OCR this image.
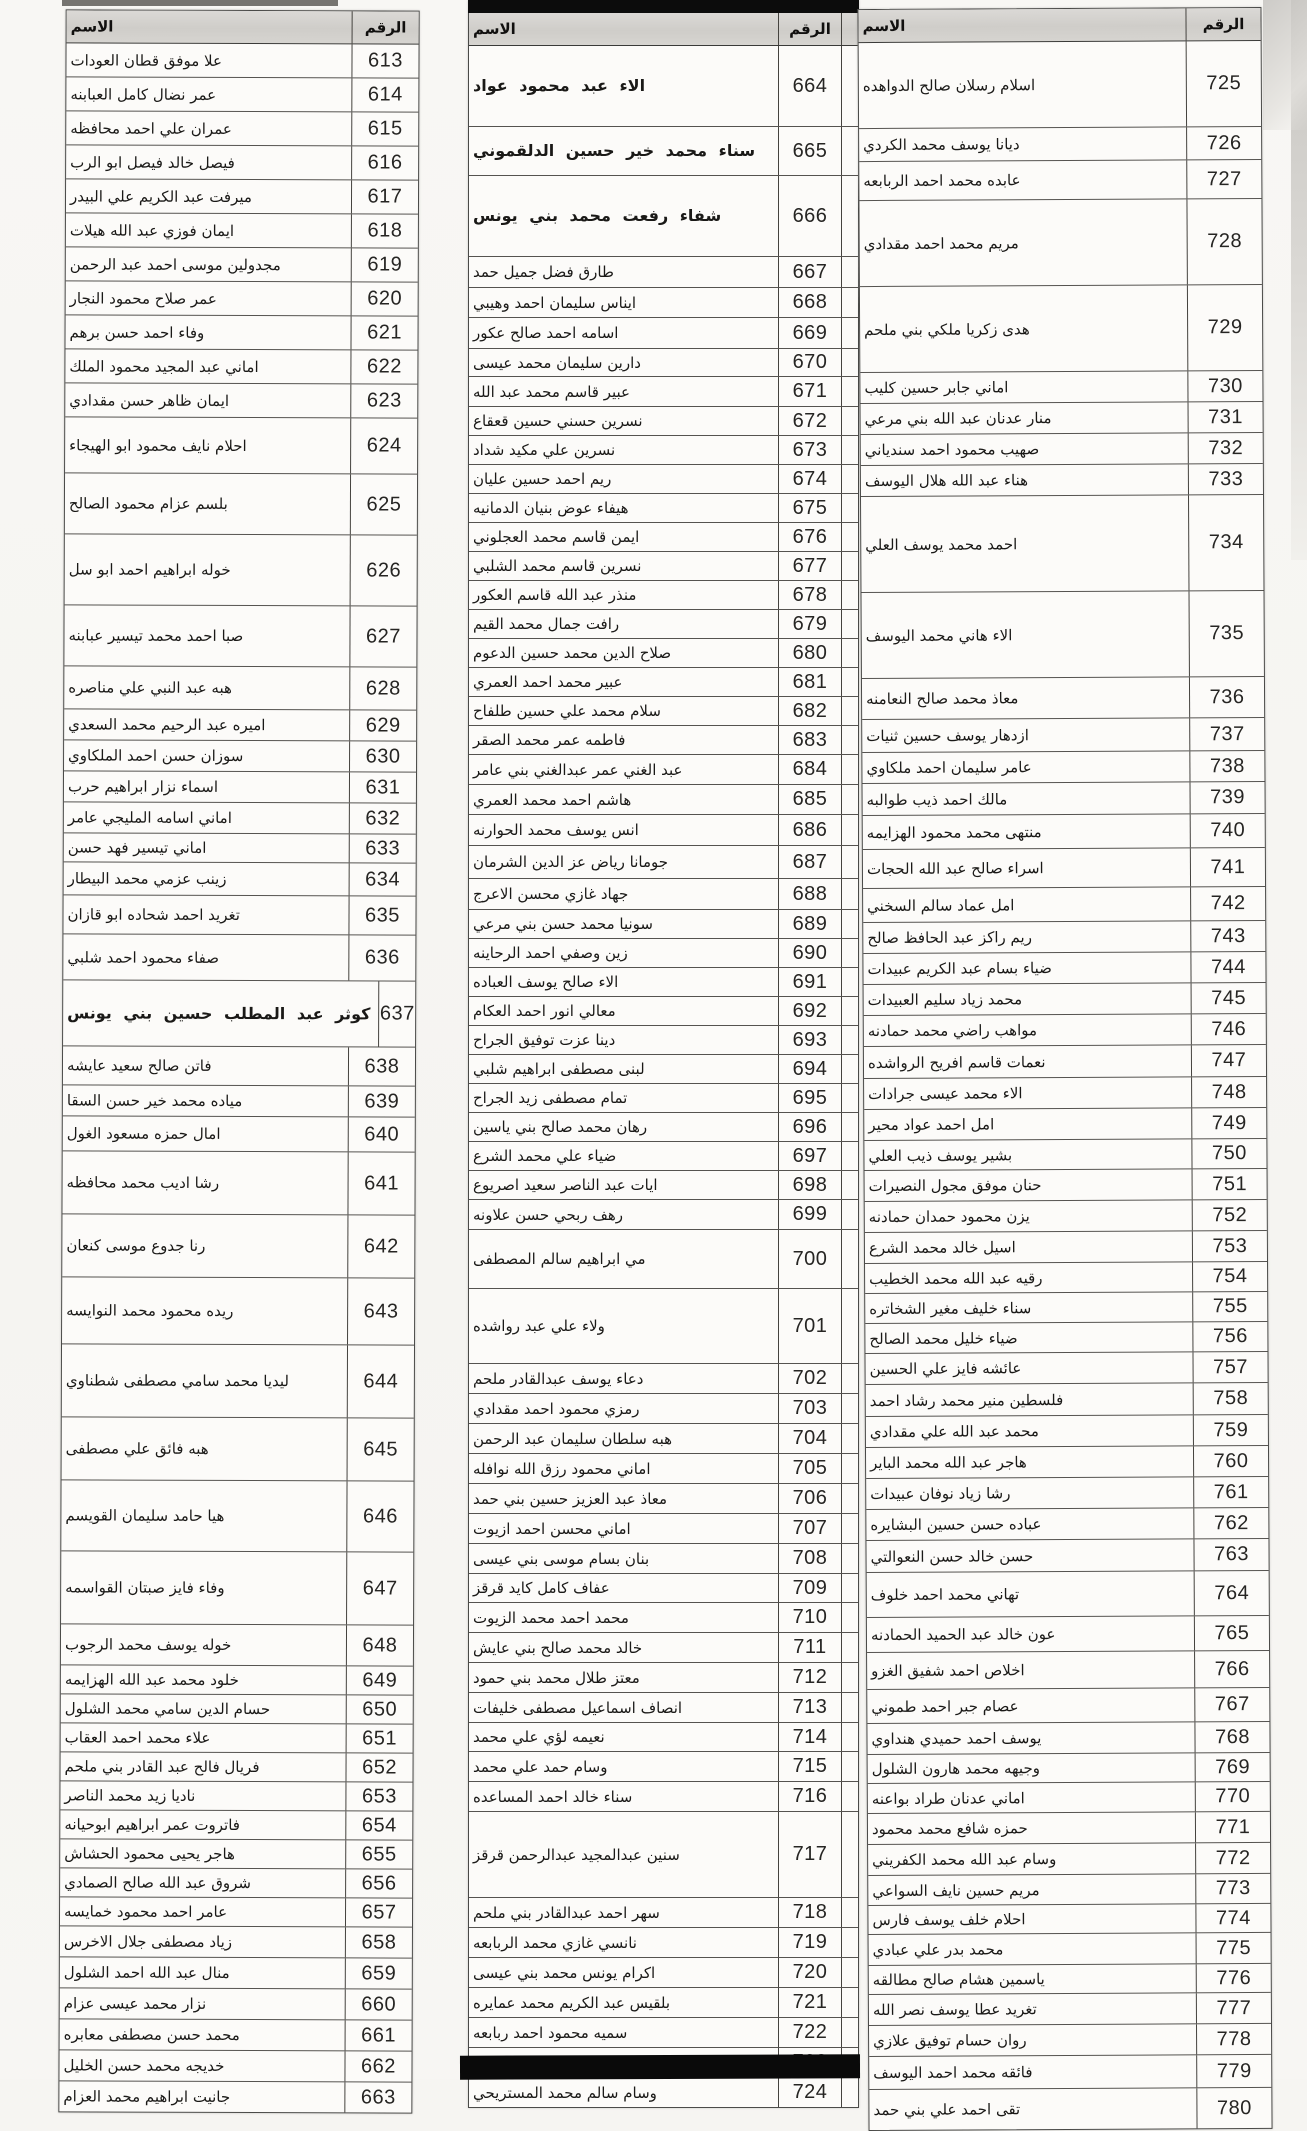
الاسم	الرقم
علا موفق قطان العودات	613
عمر نضال كامل العبابنه	614
عمران علي احمد محافظه	615
فيصل خالد فيصل ابو الرب	616
ميرفت عبد الكريم علي البيدر	617
ايمان فوزي عبد الله هيلات	618
مجدولين موسى احمد عبد الرحمن	619
عمر صلاح محمود النجار	620
وفاء احمد حسن برهم	621
اماني عبد المجيد محمود الملك	622
ايمان ظاهر حسن مقدادي	623
احلام نايف محمود ابو الهيجاء	624
بلسم عزام محمود الصالح	625
خوله ابراهيم احمد ابو سل	626
صبا احمد محمد تيسير عبابنه	627
هبه عبد النبي علي مناصره	628
اميره عبد الرحيم محمد السعدي	629
سوزان حسن احمد الملكاوي	630
اسماء نزار ابراهيم حرب	631
اماني اسامه المليجي عامر	632
اماني تيسير فهد حسن	633
زينب عزمي محمد البيطار	634
تغريد احمد شحاده ابو قازان	635
صفاء محمود احمد شلبي	636
كوثر عبد المطلب حسين بني يونس 637
فاتن صالح سعيد عايشه	638
مياده محمد خير حسن السقا	639
امال حمزه مسعود الغول	640
رشا اديب محمد محافظه	641
رنا جدوع موسى كنعان	642
ريده محمود محمد النوايسه	643
ليديا محمد سامي مصطفى شطناوي	644
هبه فائق علي مصطفى	645
هيا حامد سليمان القويسم	646
وفاء فايز صبتان القواسمه	647
خوله يوسف محمد الرجوب	648
خلود محمد عبد الله الهزايمه	649
حسام الدين سامي محمد الشلول	650
علاء محمد احمد العقاب	651
فريال فالح عبد القادر بني ملحم	652
ناديا زيد محمد الناصر	653
فاتروت عمر ابراهيم ابوحيانه	654
هاجر يحيى محمود الحشاش	655
شروق عبد الله صالح الصمادي	656
عامر احمد محمود خمايسه	657
زياد مصطفى جلال الاخرس	658
منال عبد الله احمد الشلول	659
نزار محمد عيسى عزام	660
محمد حسن مصطفى معابره	661
خديجه محمد حسن الخليل	662
جانيت ابراهيم محمد العزام	663
الاسم	الرقم
الاء عبد محمود عواد	664
سناء محمد خير حسين الدلقموني	665
شفاء رفعت محمد بني يونس	666
طارق فضل جميل حمد	667
ايناس سليمان احمد وهيبي	668
اسامه احمد صالح عكور	669
دارين سليمان محمد عيسى	670
عبير قاسم محمد عبد الله	671
نسرين حسني حسين قعقاع	672
نسرين علي مكيد شداد	673
ريم احمد حسين عليان	674
هيفاء عوض بنيان الدمانيه	675
ايمن قاسم محمد العجلوني	676
نسرين قاسم محمد الشلبي	677
منذر عبد الله قاسم العكور	678
رافت جمال محمد القيم	679
صلاح الدين محمد حسين الدعوم	680
عبير محمد احمد العمري	681
سلام محمد علي حسين طلفاح	682
فاطمه عمر محمد الصقر	683
عبد الغني عمر عبدالغني بني عامر	684
هاشم احمد محمد العمري	685
انس يوسف محمد الحوارنه	686
جومانا رياض عز الدين الشرمان	687
جهاد غازي محسن الاعرج	688
سونيا محمد حسن بني مرعي	689
زين وصفي احمد الرحاينه	690
الاء صالح يوسف العباده	691
معالي انور احمد العكام	692
دينا عزت توفيق الجراح	693
لبنى مصطفى ابراهيم شلبي	694
تمام مصطفى زيد الجراح	695
رهان محمد صالح بني ياسين	696
ضياء علي محمد الشرع	697
ايات عبد الناصر سعيد اصريوع	698
رهف ربحي حسن علاونه	699
مي ابراهيم سالم المصطفى	700
ولاء علي عبد رواشده	701
دعاء يوسف عبدالقادر ملحم	702
رمزي محمود احمد مقدادي	703
هبه سلطان سليمان عبد الرحمن	704
اماني محمود رزق الله نوافله	705
معاذ عبد العزيز حسين بني حمد	706
اماني محسن احمد ازيوت	707
بنان بسام موسى بني عيسى	708
عفاف كامل كايد قرقز	709
محمد احمد محمد الزيوت	710
خالد محمد صالح بني عايش	711
معتز طلال محمد بني حمود	712
انصاف اسماعيل مصطفى خليفات	713
نعيمه لؤي علي محمد	714
وسام حمد علي محمد	715
سناء خالد احمد المساعده	716
سنين عبدالمجيد عبدالرحمن قرقز	717
سهر احمد عبدالقادر بني ملحم	718
نانسي غازي محمد الربابعه	719
اكرام يونس محمد بني عيسى	720
بلقيس عبد الكريم محمد عمايره	721
سميه محمود احمد ربابعه	722
وسام سالم محمد المستريحي	724
الاسم	الرقم
اسلام رسلان صالح الدواهده	725
ديانا يوسف محمد الكردي	726
عابده محمد احمد الربابعه	727
مريم محمد احمد مقدادي	728
هدى زكريا ملكي بني ملحم	729
اماني جابر حسين كليب	730
منار عدنان عبد الله بني مرعي	731
صهيب محمود احمد سندياني	732
هناء عبد الله هلال اليوسف	733
احمد محمد يوسف العلي	734
الاء هاني محمد اليوسف	735
معاذ محمد صالح النعامنه	736
ازدهار يوسف حسين ثنيات	737
عامر سليمان احمد ملكاوي	738
مالك احمد ذيب طوالبه	739
منتهى محمد محمود الهزايمه	740
اسراء صالح عبد الله الحجات	741
امل عماد سالم السخني	742
ريم راكز عبد الحافظ صالح	743
ضياء بسام عبد الكريم عبيدات	744
محمد زياد سليم العبيدات	745
مواهب راضي محمد حمادنه	746
نعمات قاسم افريح الرواشده	747
الاء محمد عيسى جرادات	748
امل احمد عواد محير	749
بشير يوسف ذيب العلي	750
حنان موفق مجول النصيرات	751
يزن محمود حمدان حمادنه	752
اسيل خالد محمد الشرع	753
رقيه عبد الله محمد الخطيب	754
سناء خليف مغير الشخاتره	755
ضياء خليل محمد الصالح	756
عائشه فايز علي الحسين	757
فلسطين منير محمد رشاد احمد	758
محمد عبد الله علي مقدادي	759
هاجر عبد الله محمد الباير	760
رشا زياد نوفان عبيدات	761
عباده حسن حسين البشايره	762
حسن خالد حسن النعوالتي	763
تهاني محمد احمد خلوف	764
عون خالد عبد الحميد الحمادنه	765
اخلاص احمد شفيق الغزو	766
عصام جبر احمد طموني	767
يوسف احمد حميدي هنداوي	768
وجيهه محمد هارون الشلول	769
اماني عدنان طراد بواعنه	770
حمزه شافع محمد محمود	771
وسام عبد الله محمد الكفريني	772
مريم حسين نايف السواعي	773
احلام خلف يوسف فارس	774
محمد بدر علي عبادي	775
ياسمين هشام صالح مطالقه	776
تغريد عطا يوسف نصر الله	777
روان حسام توفيق علازي	778
فائقه محمد احمد اليوسف	779
تقى احمد علي بني حمد	780
